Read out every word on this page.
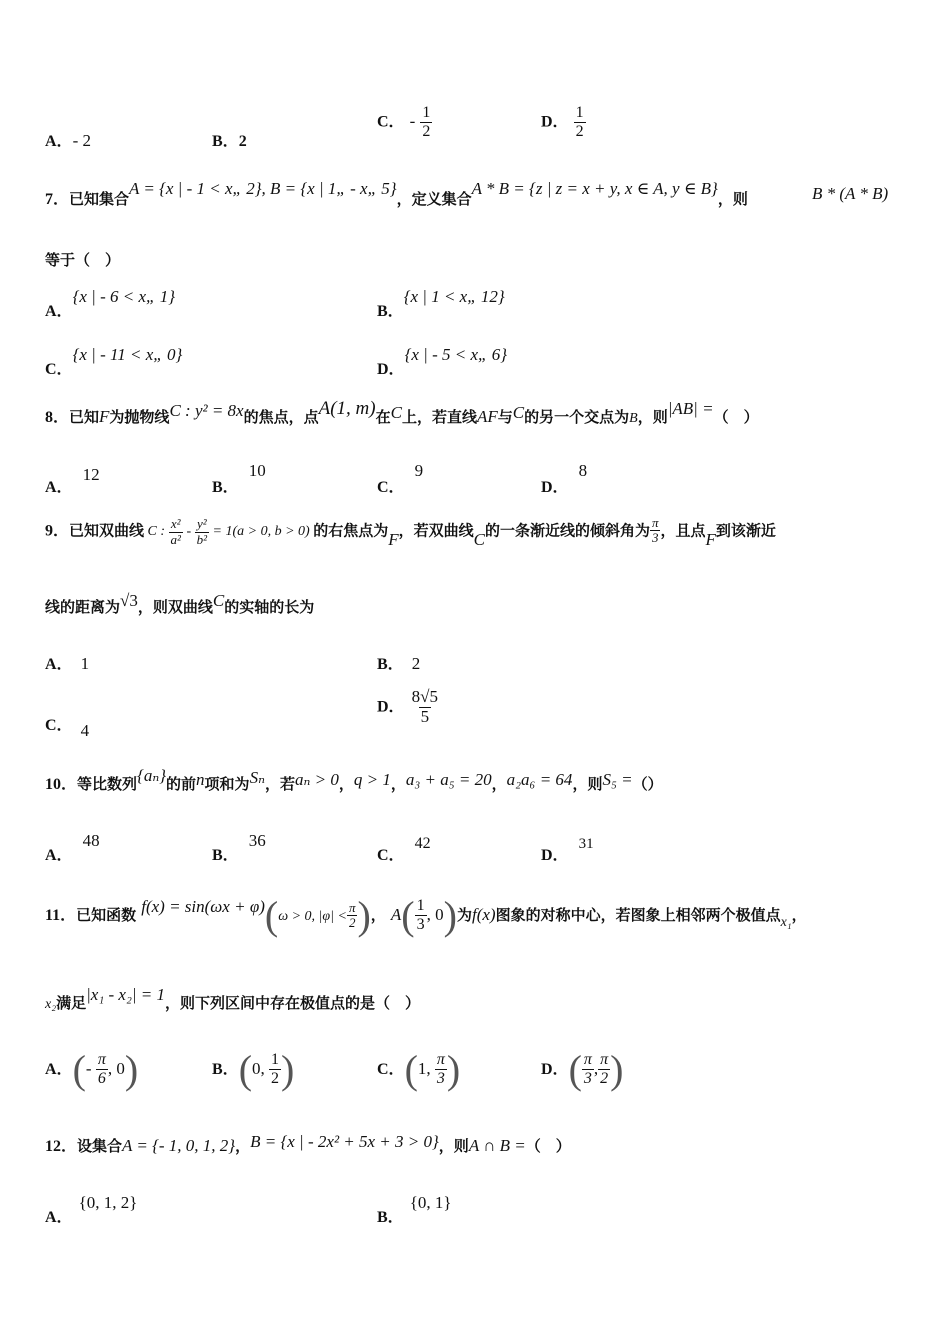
A．- 2	B．2
C． - $\frac{1}{2}$	D． $\frac{1}{2}$
7．已知集合A = {x | - 1 < x„ 2}, B = {x | 1„ - x„ 5}，定义集合A * B = {z | z = x + y, x ∈ A, y ∈ B}，则	B * (A * B)
等于（　）
A．{x | - 6 < x„ 1}
B．{x | 1 < x„ 12}
C．{x | - 11 < x„ 0}
D．{x | - 5 < x„ 6}
8．已知F为抛物线C : y² = 8x的焦点，点A(1, m)在C上，若直线AF与C的另一个交点为B，则|AB| =（　）
A．12
B．10
C．9
D．8
9．已知双曲线 C : $\frac{\text{x²}}{\text{a²}} - \frac{\text{y²}}{\text{b²}} = 1(a > 0$, b > 0) 的右焦点为F，若双曲线C的一条渐近线的倾斜角为 $\frac{\pi}{3}$ ，且点F到该渐近
线的距离为√3，则双曲线C的实轴的长为
A． 1	B． 2
C． 4
D． $\frac{8√5}{5}$
10．等比数列{aₙ}的前n项和为Sₙ，若aₙ > 0，q > 1，a₃ + a₅ = 20，a₂a₆ = 64，则S₅ =（）
A．48
B．36
C．42
D．31
11．已知函数 f(x) = sin(ωx + φ)(ω > 0, $|\varphi| < \frac{\pi}{2}$ )， $A( \frac{1}{3}$ , 0)为f(x)图象的对称中心，若图象上相邻两个极值点x₁，
x₂满足|x₁ - x₂| = 1，则下列区间中存在极值点的是（　）
A．(- $\frac{\pi}{6}$ , 0)	B．(0, $\frac{1}{2}$ )	C．(1, $\frac{\pi}{3}$ )	D．( $\frac{\pi}{3}$ , $\frac{\pi}{2}$ )
12．设集合A = {- 1, 0, 1, 2}，B = {x | - 2x² + 5x + 3 > 0}，则A ∩ B =（　）
A．{0, 1, 2}
B．{0, 1}
